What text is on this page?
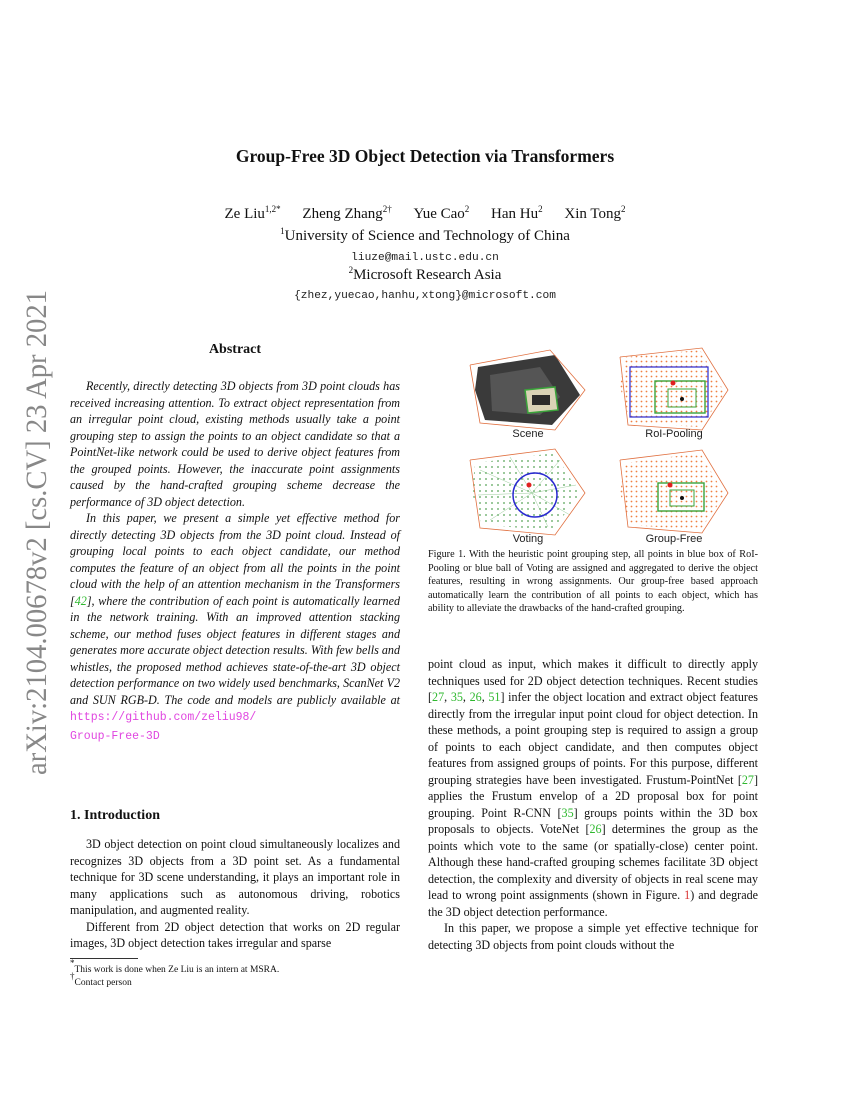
arXiv:2104.00678v2 [cs.CV] 23 Apr 2021
Group-Free 3D Object Detection via Transformers
Ze Liu$^{1,2*}$ Zheng Zhang$^{2\dagger}$ Yue Cao$^2$ Han Hu$^2$ Xin Tong$^2$
$^1$University of Science and Technology of China
liuze@mail.ustc.edu.cn
$^2$Microsoft Research Asia
{zhez,yuecao,hanhu,xtong}@microsoft.com
Abstract

Recently, directly detecting 3D objects from 3D point clouds has received increasing attention. To extract object representation from an irregular point cloud, existing methods usually take a point grouping step to assign the points to an object candidate so that a PointNet-like network could be used to derive object features from the grouped points. However, the inaccurate point assignments caused by the hand-crafted grouping scheme decrease the performance of 3D object detection.

In this paper, we present a simple yet effective method for directly detecting 3D objects from the 3D point cloud. Instead of grouping local points to each object candidate, our method computes the feature of an object from all the points in the point cloud with the help of an attention mechanism in the Transformers [42], where the contribution of each point is automatically learned in the network training. With an improved attention stacking scheme, our method fuses object features in different stages and generates more accurate object detection results. With few bells and whistles, the proposed method achieves state-of-the-art 3D object detection performance on two widely used benchmarks, ScanNet V2 and SUN RGB-D. The code and models are publicly available at https://github.com/zeliu98/
Group-Free-3D

1. Introduction

3D object detection on point cloud simultaneously localizes and recognizes 3D objects from a 3D point set. As a fundamental technique for 3D scene understanding, it plays an important role in many applications such as autonomous driving, robotics manipulation, and augmented reality.

Different from 2D object detection that works on 2D regular images, 3D object detection takes irregular and sparse

*This work is done when Ze Liu is an intern at MSRA.
†Contact person
Scene	RoI-Pooling
Voting	Group-Free
Figure 1. With the heuristic point grouping step, all points in blue box of RoI-Pooling or blue ball of Voting are assigned and aggregated to derive the object features, resulting in wrong assignments. Our group-free based approach automatically learn the contribution of all points to each object, which has ability to alleviate the drawbacks of the hand-crafted grouping.

point cloud as input, which makes it difficult to directly apply techniques used for 2D object detection techniques. Recent studies [27, 35, 26, 51] infer the object location and extract object features directly from the irregular input point cloud for object detection. In these methods, a point grouping step is required to assign a group of points to each object candidate, and then computes object features from assigned groups of points. For this purpose, different grouping strategies have been investigated. Frustum-PointNet [27] applies the Frustum envelop of a 2D proposal box for point grouping. Point R-CNN [35] groups points within the 3D box proposals to objects. VoteNet [26] determines the group as the points which vote to the same (or spatially-close) center point. Although these hand-crafted grouping schemes facilitate 3D object detection, the complexity and diversity of objects in real scene may lead to wrong point assignments (shown in Figure. 1) and degrade the 3D object detection performance.

In this paper, we propose a simple yet effective technique for detecting 3D objects from point clouds without the
